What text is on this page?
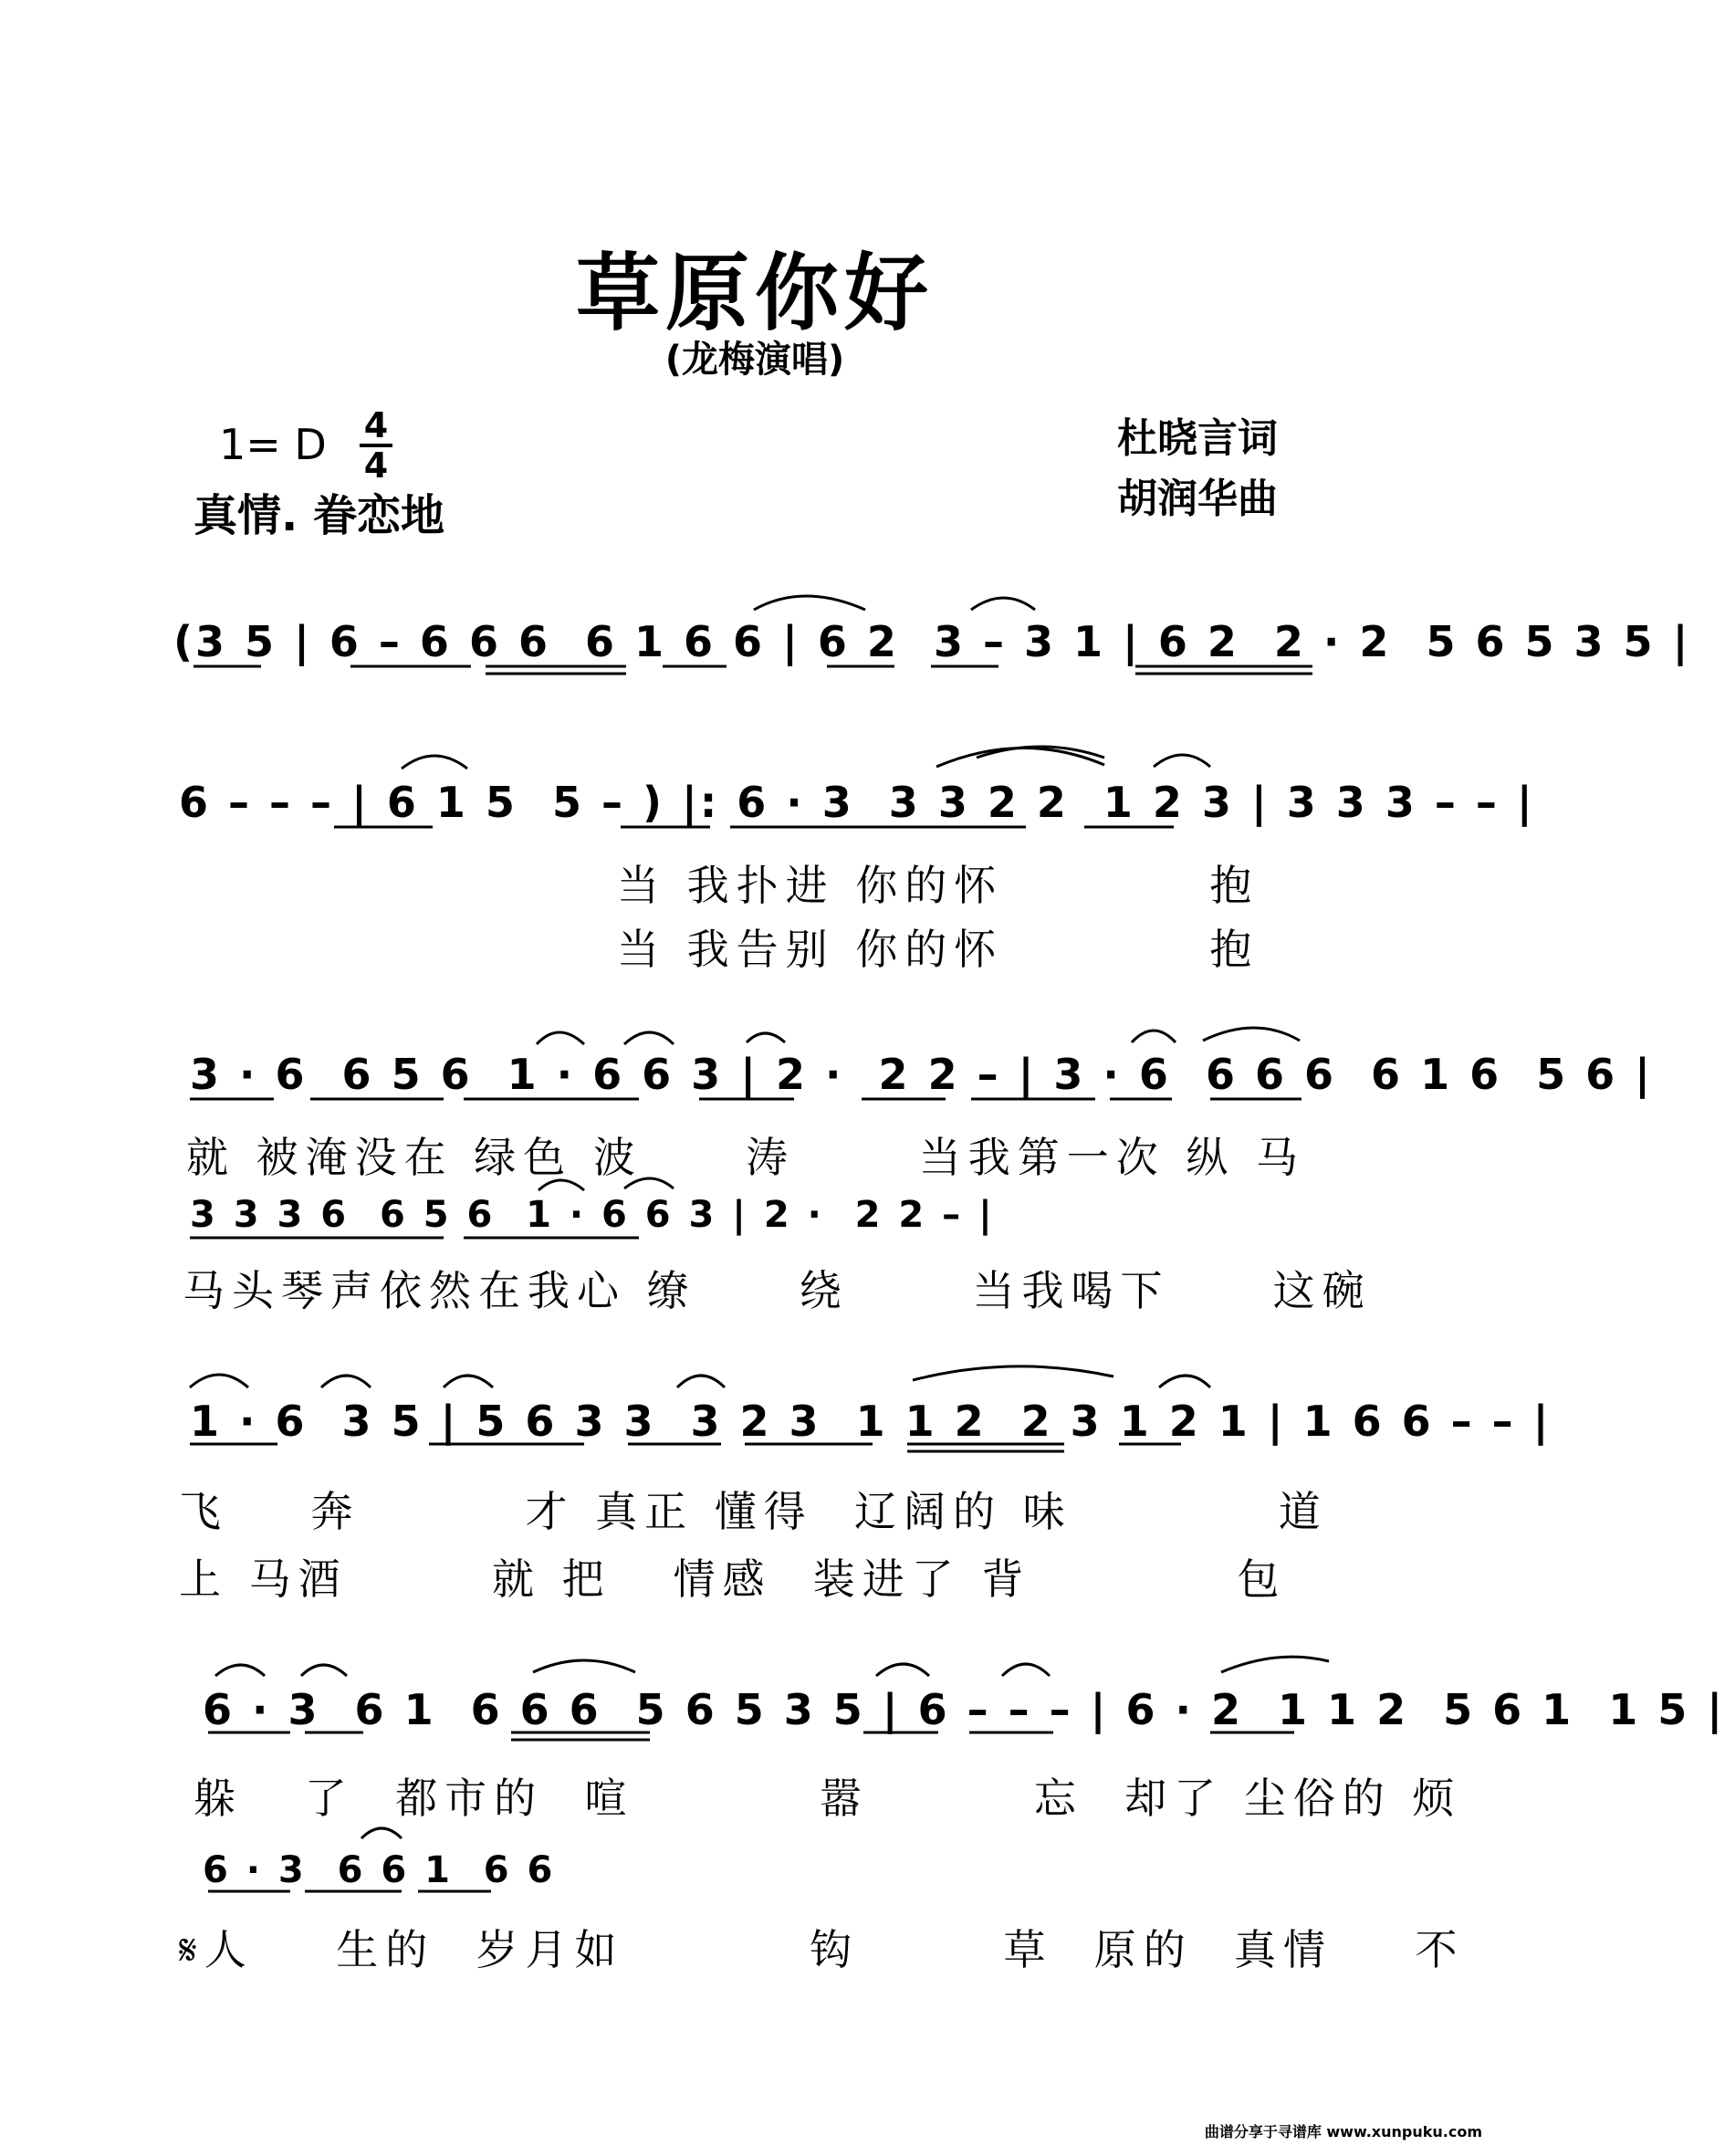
草原你好
(龙梅演唱)
1= D 4
4
真情. 眷恋地
杜晓言词
胡润华曲
(3 5 | 6 – 6 6 6  6 1 6 6 | 6 2  3 – 3 1 | 6 2  2 · 2  5 6 5 3 5 |
6 – – – | 6 1 5  5 – ) |: 6 · 3  3 3 2 2  1 2 3 | 3 3 3 – – |
当 我扑进 你的怀          抱
当 我告别 你的怀          抱
3 · 6  6 5 6  1 · 6 6 3 | 2 ·  2 2 – | 3 · 6  6 6 6  6 1 6  5 6 |
就 被淹没在 绿色 波     涛      当我第一次 纵 马
3 3 3 6  6 5 6  1 · 6 6 3 | 2 ·  2 2 – |
马头琴声依然在我心 缭     绕      当我喝下     这碗
1 · 6  3 5 | 5 6 3 3  3 2 3  1 1 2  2 3 1 2 1 | 1 6 6 – – |
飞    奔        才 真正 懂得  辽阔的 味          道
上 马酒       就 把   情感  装进了 背          包
6 · 3  6 1  6 6 6  5 6 5 3 5 | 6 – – – | 6 · 2  1 1 2  5 6 1  1 5 |
躲   了  都市的  喧         嚣        忘  却了 尘俗的 烦
6 · 3  6 6 1  6 6
𝄋人    生的  岁月如         钩       草  原的  真情    不
曲谱分享于寻谱库 www.xunpuku.com
